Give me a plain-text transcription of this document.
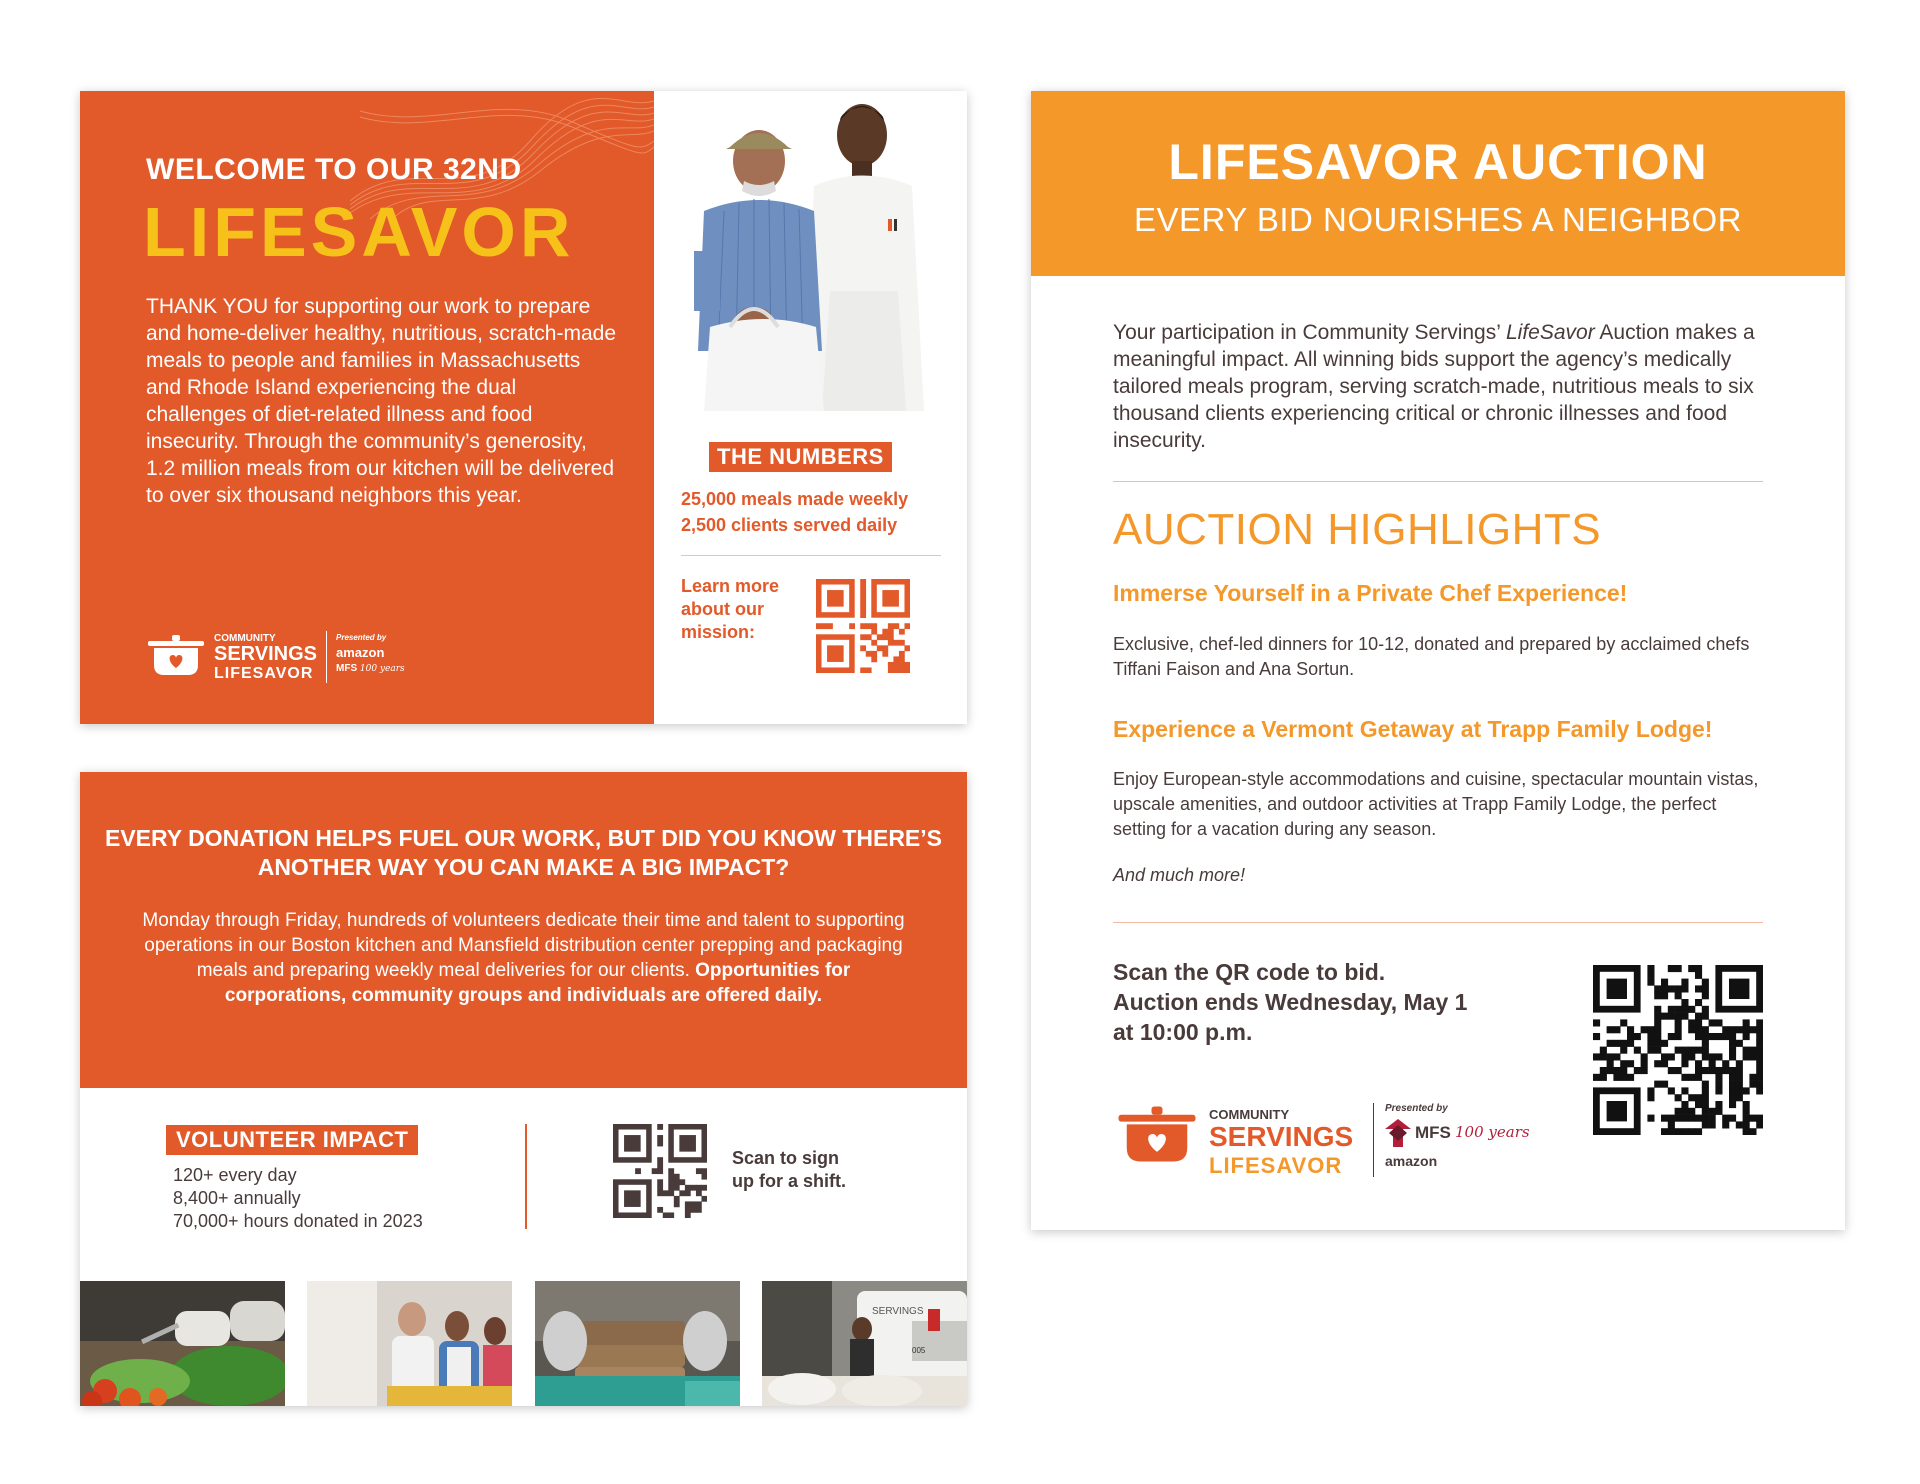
WELCOME TO OUR 32ND
LIFESAVOR
THANK YOU for supporting our work to prepare and home-deliver healthy, nutritious, scratch-made meals to people and families in Massachusetts and Rhode Island experiencing the dual challenges of diet-related illness and food insecurity. Through the community’s generosity, 1.2 million meals from our kitchen will be delivered to over six thousand neighbors this year.
COMMUNITY
SERVINGS
LIFESAVOR
Presented by
amazon
MFS 100 years
THE NUMBERS
25,000 meals made weekly
2,500 clients served daily
Learn more about our mission:
EVERY DONATION HELPS FUEL OUR WORK, BUT DID YOU KNOW THERE’S ANOTHER WAY YOU CAN MAKE A BIG IMPACT?
Monday through Friday, hundreds of volunteers dedicate their time and talent to supporting operations in our Boston kitchen and Mansfield distribution center prepping and packaging meals and preparing weekly meal deliveries for our clients. Opportunities for corporations, community groups and individuals are offered daily.
VOLUNTEER IMPACT
120+ every day
8,400+ annually
70,000+ hours donated in 2023
Scan to sign
up for a shift.
SERVINGS
005
LIFESAVOR AUCTION
EVERY BID NOURISHES A NEIGHBOR
Your participation in Community Servings’ LifeSavor Auction makes a meaningful impact. All winning bids support the agency’s medically tailored meals program, serving scratch-made, nutritious meals to six thousand clients experiencing critical or chronic illnesses and food insecurity.
AUCTION HIGHLIGHTS
Immerse Yourself in a Private Chef Experience!
Exclusive, chef-led dinners for 10-12, donated and prepared by acclaimed chefs Tiffani Faison and Ana Sortun.
Experience a Vermont Getaway at Trapp Family Lodge!
Enjoy European-style accommodations and cuisine, spectacular mountain vistas, upscale amenities, and outdoor activities at Trapp Family Lodge, the perfect setting for a vacation during any season.
And much more!
Scan the QR code to bid. Auction ends Wednesday, May 1 at 10:00 p.m.
COMMUNITY
SERVINGS
LIFESAVOR
Presented by
MFS 100 years
amazon
